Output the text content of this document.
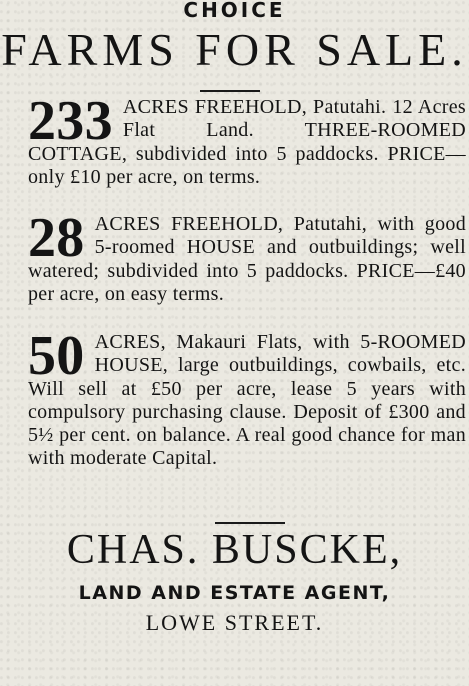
CHOICE
FARMS FOR SALE.
233 ACRES FREEHOLD, Patutahi. 12 Acres Flat Land. THREE-ROOMED COTTAGE, subdivided into 5 paddocks. PRICE—only £10 per acre, on terms.

28 ACRES FREEHOLD, Patutahi, with good 5-roomed HOUSE and outbuildings; well watered; subdivided into 5 paddocks. PRICE—£40 per acre, on easy terms.

50 ACRES, Makauri Flats, with 5-ROOMED HOUSE, large outbuildings, cowbails, etc. Will sell at £50 per acre, lease 5 years with compulsory purchasing clause. Deposit of £300 and 5½ per cent. on balance. A real good chance for man with moderate Capital.

CHAS. BUSCKE,
LAND AND ESTATE AGENT,
LOWE STREET.
